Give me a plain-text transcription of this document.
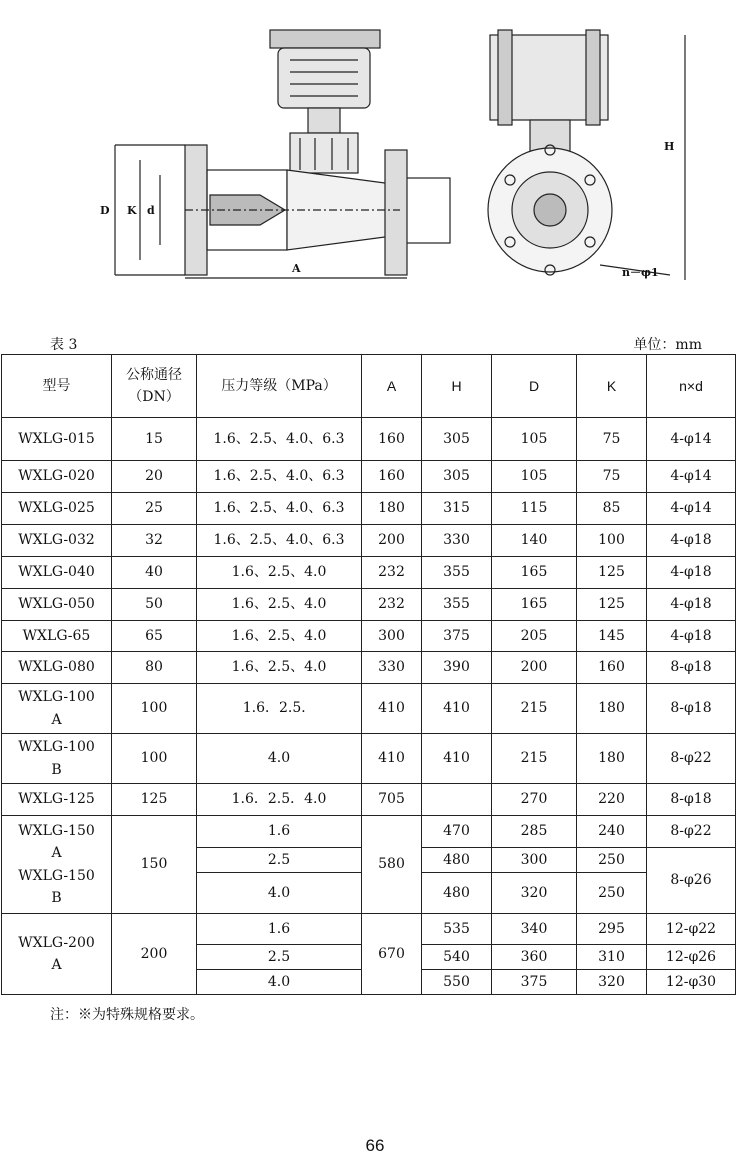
D K d
A
H
n－φ1
表 3	单位：mm
型号	公称通径
（DN）	压力等级（MPa）	A	H	D	K	n×d
WXLG-015	15	1.6、2.5、4.0、6.3	160	305	105	75	4-φ14
WXLG-020	20	1.6、2.5、4.0、6.3	160	305	105	75	4-φ14
WXLG-025	25	1.6、2.5、4.0、6.3	180	315	115	85	4-φ14
WXLG-032	32	1.6、2.5、4.0、6.3	200	330	140	100	4-φ18
WXLG-040	40	1.6、2.5、4.0	232	355	165	125	4-φ18
WXLG-050	50	1.6、2.5、4.0	232	355	165	125	4-φ18
WXLG-65	65	1.6、2.5、4.0	300	375	205	145	4-φ18
WXLG-080	80	1.6、2.5、4.0	330	390	200	160	8-φ18
WXLG-100
A	100	1.6．2.5．	410	410	215	180	8-φ18
WXLG-100
B	100	4.0	410	410	215	180	8-φ22
WXLG-125	125	1.6．2.5．4.0	705		270	220	8-φ18
WXLG-150
A
WXLG-150
B	150	1.6	580	470	285	240	8-φ22
		2.5		480	300	250	8-φ26
		4.0		480	320	250	
WXLG-200
A	200	1.6	670	535	340	295	12-φ22
		2.5		540	360	310	12-φ26
		4.0		550	375	320	12-φ30
注：※为特殊规格要求。
66
